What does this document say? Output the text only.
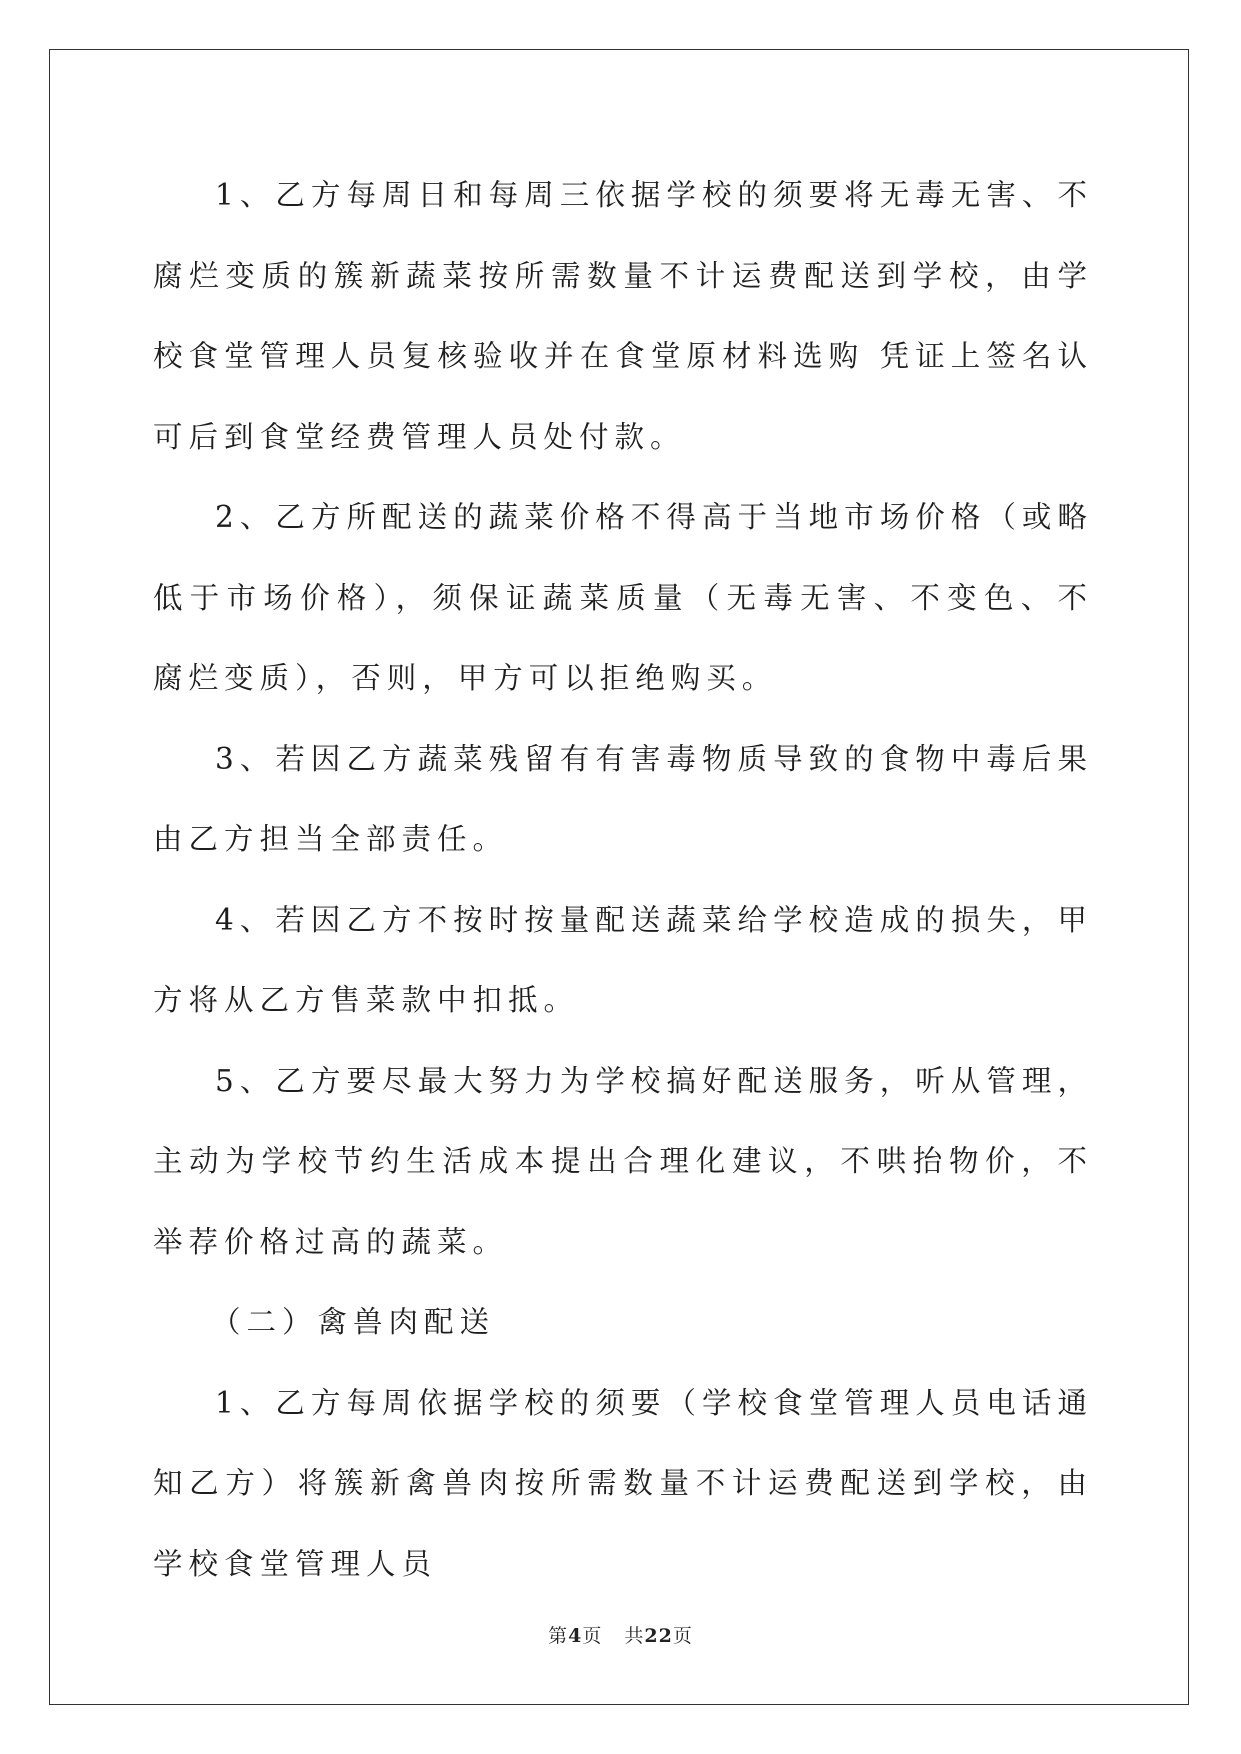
1、乙方每周日和每周三依据学校的须要将无毒无害、不腐烂变质的簇新蔬菜按所需数量不计运费配送到学校，由学校食堂管理人员复核验收并在食堂原材料选购 凭证上签名认可后到食堂经费管理人员处付款。

2、乙方所配送的蔬菜价格不得高于当地市场价格（或略低于市场价格），须保证蔬菜质量（无毒无害、不变色、不腐烂变质），否则，甲方可以拒绝购买。

3、若因乙方蔬菜残留有有害毒物质导致的食物中毒后果由乙方担当全部责任。

4、若因乙方不按时按量配送蔬菜给学校造成的损失，甲方将从乙方售菜款中扣抵。

5、乙方要尽最大努力为学校搞好配送服务，听从管理，主动为学校节约生活成本提出合理化建议，不哄抬物价，不举荐价格过高的蔬菜。

（二）禽兽肉配送

1、乙方每周依据学校的须要（学校食堂管理人员电话通知乙方）将簇新禽兽肉按所需数量不计运费配送到学校，由学校食堂管理人员

第4页 共22页
